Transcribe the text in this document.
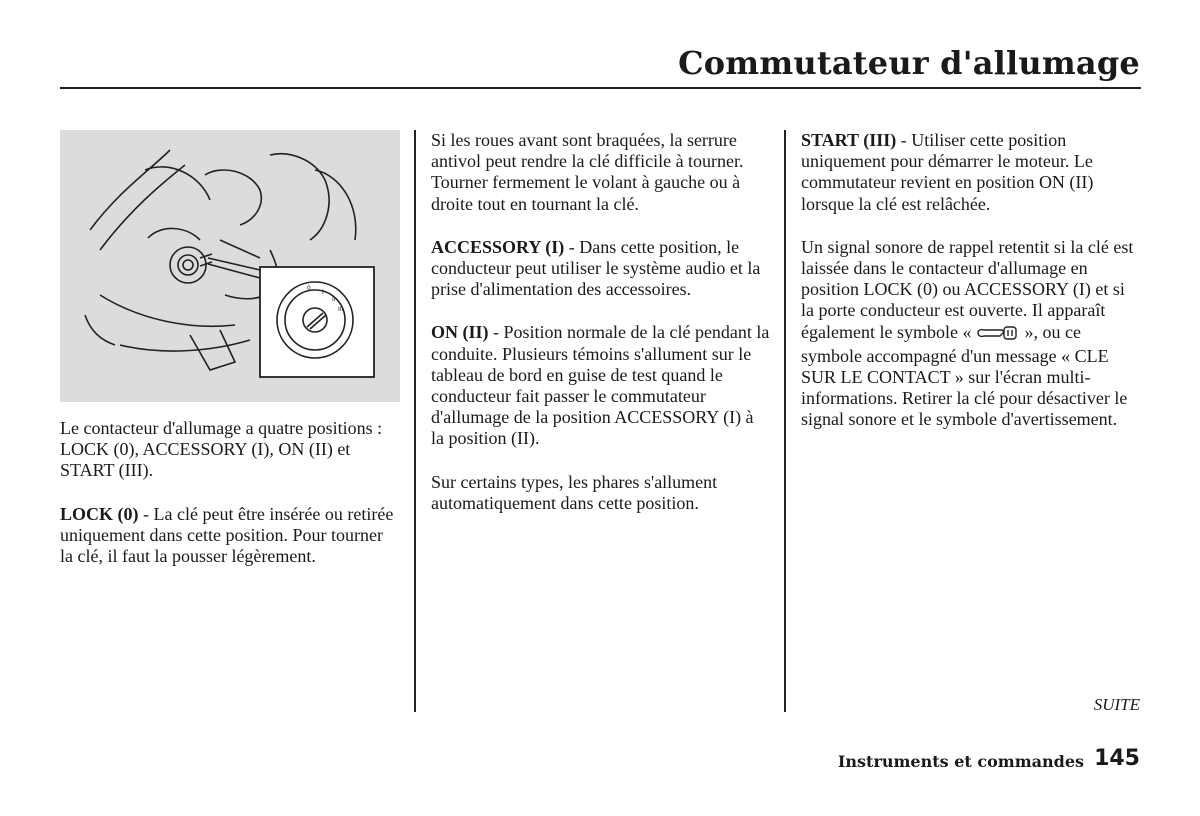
Commutateur d'allumage
0
I
II
III

Le contacteur d'allumage a quatre positions : LOCK (0), ACCESSORY (I), ON (II) et START (III).

LOCK (0) - La clé peut être insérée ou retirée uniquement dans cette position. Pour tourner la clé, il faut la pousser légèrement.

Si les roues avant sont braquées, la serrure antivol peut rendre la clé difficile à tourner. Tourner fermement le volant à gauche ou à droite tout en tournant la clé.

ACCESSORY (I) - Dans cette position, le conducteur peut utiliser le système audio et la prise d'alimentation des accessoires.

ON (II) - Position normale de la clé pendant la conduite. Plusieurs témoins s'allument sur le tableau de bord en guise de test quand le conducteur fait passer le commutateur d'allumage de la position ACCESSORY (I) à la position (II).

Sur certains types, les phares s'allument automatiquement dans cette position.

START (III) - Utiliser cette position uniquement pour démarrer le moteur. Le commutateur revient en position ON (II) lorsque la clé est relâchée.

Un signal sonore de rappel retentit si la clé est laissée dans le contacteur d'allumage en position LOCK (0) ou ACCESSORY (I) et si la porte conducteur est ouverte. Il apparaît également le symbole «  », ou ce symbole accompagné d'un message « CLE SUR LE CONTACT » sur l'écran multi-informations. Retirer la clé pour désactiver le signal sonore et le symbole d'avertissement.

SUITE
Instruments et commandes 145
